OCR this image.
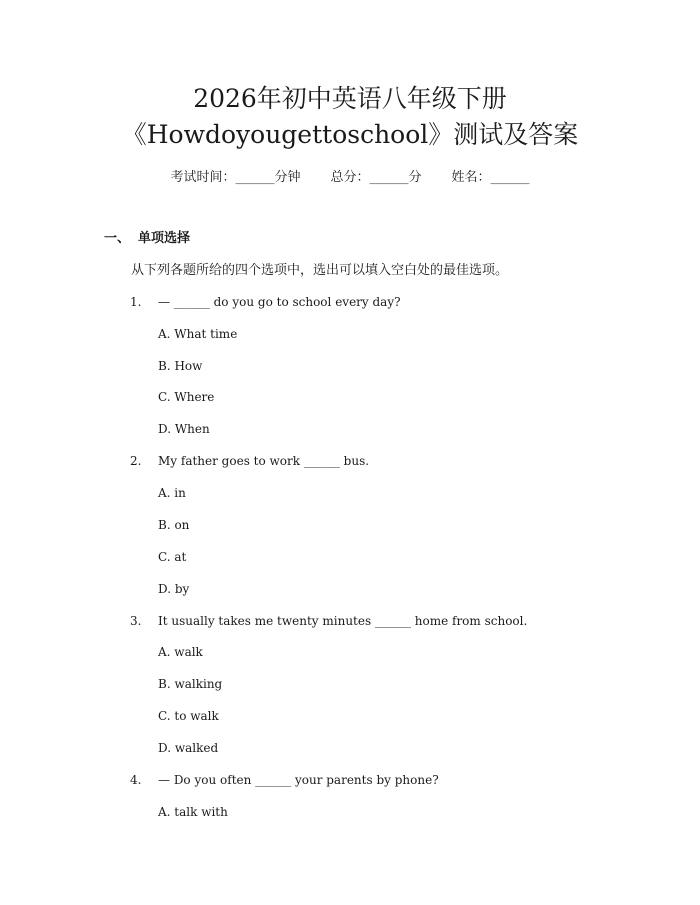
2026年初中英语八年级下册
《Howdoyougettoschool》测试及答案
考试时间：______分钟 总分：______分 姓名：______
一、 单项选择
从下列各题所给的四个选项中，选出可以填入空白处的最佳选项。
1. — ______ do you go to school every day?
A. What time
B. How
C. Where
D. When
2. My father goes to work ______ bus.
A. in
B. on
C. at
D. by
3. It usually takes me twenty minutes ______ home from school.
A. walk
B. walking
C. to walk
D. walked
4. — Do you often ______ your parents by phone?
A. talk with
